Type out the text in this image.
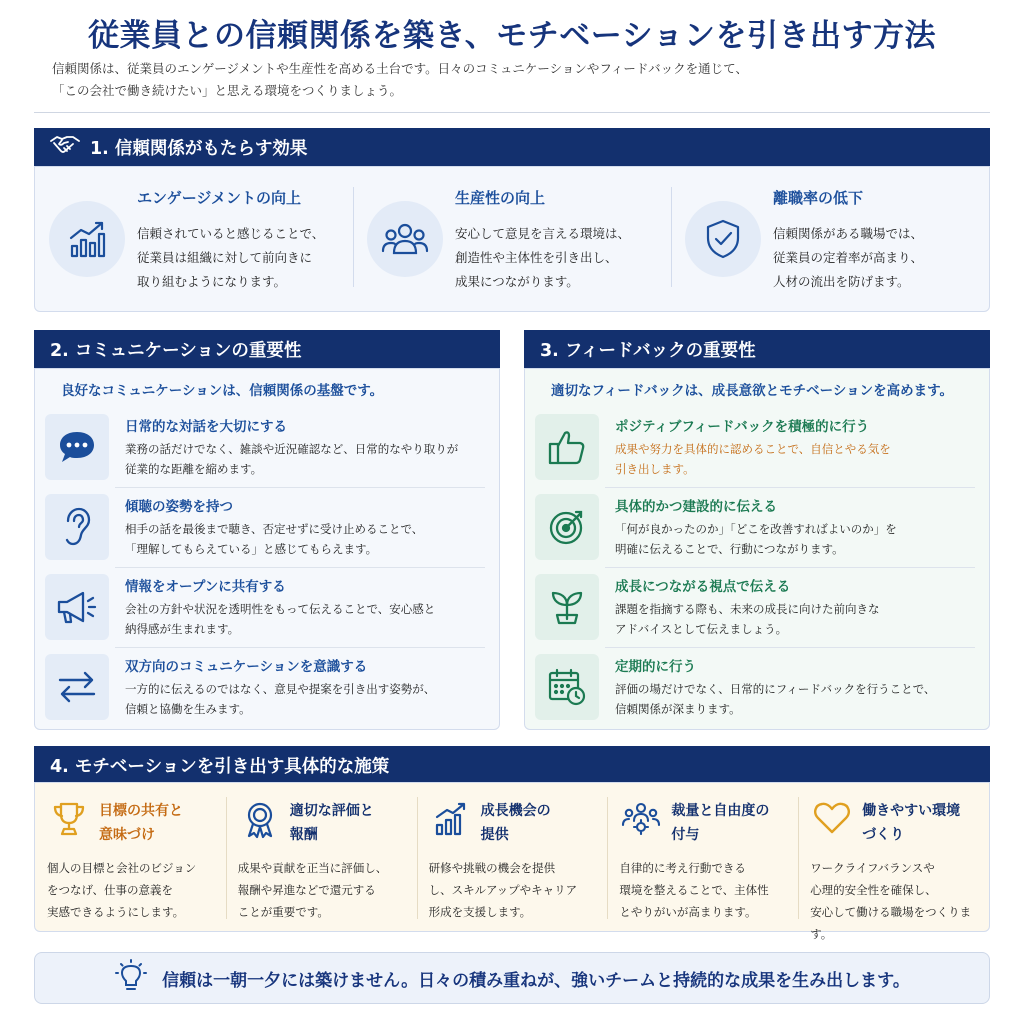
従業員との信頼関係を築き、モチベーションを引き出す方法
信頼関係は、従業員のエンゲージメントや生産性を高める土台です。日々のコミュニケーションやフィードバックを通じて、
「この会社で働き続けたい」と思える環境をつくりましょう。
1. 信頼関係がもたらす効果
エンゲージメントの向上
信頼されていると感じることで、
従業員は組織に対して前向きに
取り組むようになります。
生産性の向上
安心して意見を言える環境は、
創造性や主体性を引き出し、
成果につながります。
離職率の低下
信頼関係がある職場では、
従業員の定着率が高まり、
人材の流出を防げます。
2. コミュニケーションの重要性
良好なコミュニケーションは、信頼関係の基盤です。
日常的な対話を大切にする
業務の話だけでなく、雑談や近況確認など、日常的なやり取りが
従業的な距離を縮めます。
傾聴の姿勢を持つ
相手の話を最後まで聴き、否定せずに受け止めることで、
「理解してもらえている」と感じてもらえます。
情報をオープンに共有する
会社の方針や状況を透明性をもって伝えることで、安心感と
納得感が生まれます。
双方向のコミュニケーションを意識する
一方的に伝えるのではなく、意見や提案を引き出す姿勢が、
信頼と協働を生みます。
3. フィードバックの重要性
適切なフィードバックは、成長意欲とモチベーションを高めます。
ポジティブフィードバックを積極的に行う
成果や努力を具体的に認めることで、自信とやる気を
引き出します。
具体的かつ建設的に伝える
「何が良かったのか」「どこを改善すればよいのか」を
明確に伝えることで、行動につながります。
成長につながる視点で伝える
課題を指摘する際も、未来の成長に向けた前向きな
アドバイスとして伝えましょう。
定期的に行う
評価の場だけでなく、日常的にフィードバックを行うことで、
信頼関係が深まります。
4. モチベーションを引き出す具体的な施策
目標の共有と
意味づけ
個人の目標と会社のビジョン
をつなげ、仕事の意義を
実感できるようにします。
適切な評価と
報酬
成果や貢献を正当に評価し、
報酬や昇進などで還元する
ことが重要です。
成長機会の
提供
研修や挑戦の機会を提供
し、スキルアップやキャリア
形成を支援します。
裁量と自由度の
付与
自律的に考え行動できる
環境を整えることで、主体性
とやりがいが高まります。
働きやすい環境
づくり
ワークライフバランスや
心理的安全性を確保し、
安心して働ける職場をつくります。
信頼は一朝一夕には築けません。日々の積み重ねが、強いチームと持続的な成果を生み出します。
